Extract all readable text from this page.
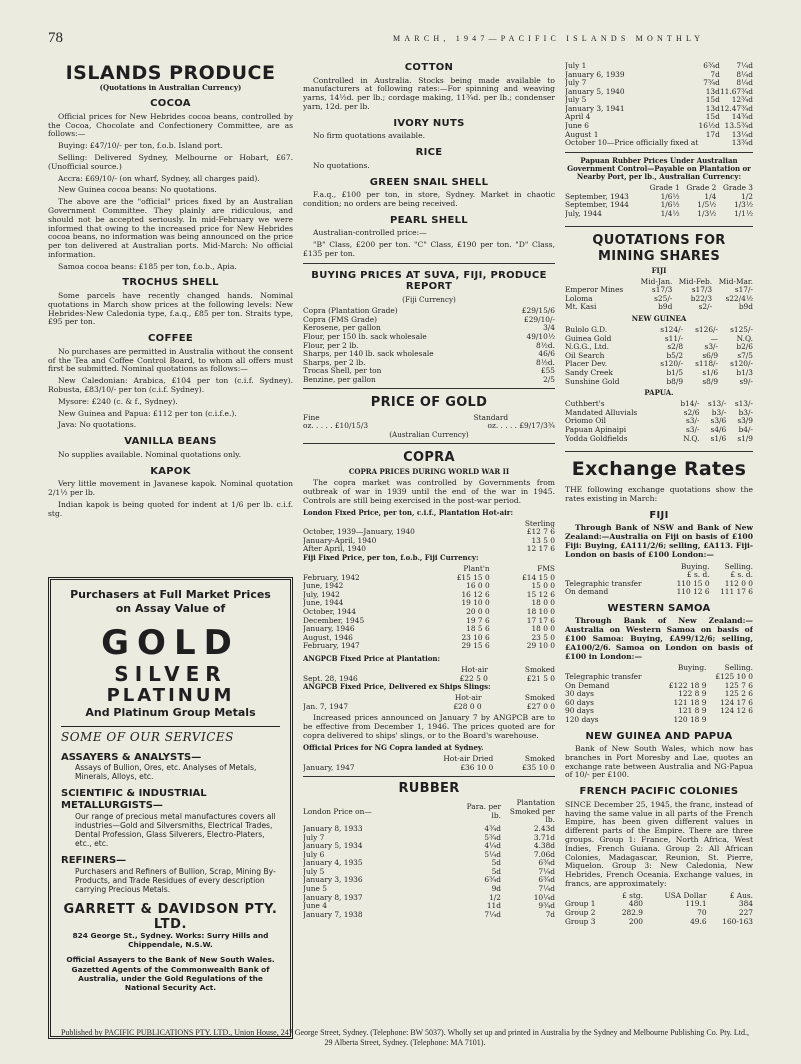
78	MARCH, 1947—PACIFIC ISLANDS MONTHLY
ISLANDS PRODUCE
(Quotations in Australian Currency)
COCOA

Official prices for New Hebrides cocoa beans, controlled by the Cocoa, Chocolate and Confectionery Committee, are as follows:—

Buying: £47/10/- per ton, f.o.b. Island port.

Selling: Delivered Sydney, Melbourne or Hobart, £67. (Unofficial source.)

Accra: £69/10/- (on wharf, Sydney, all charges paid).

New Guinea cocoa beans: No quotations.

The above are the "official" prices fixed by an Australian Government Committee. They plainly are ridiculous, and should not be accepted seriously. In mid-February we were informed that owing to the increased price for New Hebrides cocoa beans, no information was being announced on the price per ton delivered at Australian ports. Mid-March: No official information.

Samoa cocoa beans: £185 per ton, f.o.b., Apia.

TROCHUS SHELL

Some parcels have recently changed hands. Nominal quotations in March show prices at the following levels: New Hebrides-New Caledonia type, f.a.q., £85 per ton. Straits type, £95 per ton.

COFFEE

No purchases are permitted in Australia without the consent of the Tea and Coffee Control Board, to whom all offers must first be submitted. Nominal quotations as follows:—

New Caledonian: Arabica, £104 per ton (c.i.f. Sydney). Robusta, £83/10/- per ton (c.i.f. Sydney).

Mysore: £240 (c. & f., Sydney).

New Guinea and Papua: £112 per ton (c.i.f.e.).

Java: No quotations.

VANILLA BEANS

No supplies available. Nominal quotations only.

KAPOK

Very little movement in Javanese kapok. Nominal quotation 2/1½ per lb.

Indian kapok is being quoted for indent at 1/6 per lb. c.i.f. stg.

Purchasers at Full Market Prices on Assay Value of
GOLD
SILVER
PLATINUM
And Platinum Group Metals
SOME OF OUR SERVICES
ASSAYERS & ANALYSTS—
Assays of Bullion, Ores, etc. Analyses of Metals, Minerals, Alloys, etc.
SCIENTIFIC & INDUSTRIAL METALLURGISTS—
Our range of precious metal manufactures covers all industries—Gold and Silversmiths, Electrical Trades, Dental Profession, Glass Silverers, Electro-Platers, etc., etc.
REFINERS—
Purchasers and Refiners of Bullion, Scrap, Mining By-Products, and Trade Residues of every description carrying Precious Metals.
GARRETT & DAVIDSON PTY. LTD.
824 George St., Sydney. Works: Surry Hills and Chippendale, N.S.W.
Official Assayers to the Bank of New South Wales. Gazetted Agents of the Commonwealth Bank of Australia, under the Gold Regulations of the National Security Act.
COTTON

Controlled in Australia. Stocks being made available to manufacturers at following rates:—For spinning and weaving yarns, 14½d. per lb.; cordage making, 11¾d. per lb.; condenser yarn, 12d. per lb.

IVORY NUTS

No firm quotations available.

RICE

No quotations.

GREEN SNAIL SHELL

F.a.q., £100 per ton, in store, Sydney. Market in chaotic condition; no orders are being received.

PEARL SHELL

Australian-controlled price:—

"B" Class, £200 per ton. "C" Class, £190 per ton. "D" Class, £135 per ton.

BUYING PRICES AT SUVA, FIJI, PRODUCE REPORT
(Fiji Currency)
Copra (Plantation Grade)	£29/15/6
Copra (FMS Grade)	£29/10/-
Kerosene, per gallon	3/4
Flour, per 150 lb. sack wholesale	49/10½
Flour, per 2 lb.	8½d.
Sharps, per 140 lb. sack wholesale	46/6
Sharps, per 2 lb.	8½d.
Trocas Shell, per ton	£55
Benzine, per gallon	2/5
PRICE OF GOLD
Fine	Standard
oz. . . . . £10/15/3	oz. . . . . £9/17/3¾
(Australian Currency)
COPRA
COPRA PRICES DURING WORLD WAR II

The copra market was controlled by Governments from outbreak of war in 1939 until the end of the war in 1945. Controls are still being exercised in the post-war period.

London Fixed Price, per ton, c.i.f., Plantation Hot-air:
	Sterling
October, 1939—January, 1940	£12 7 6
January-April, 1940	13 5 0
After April, 1940	12 17 6
Fiji Fixed Price, per ton, f.o.b., Fiji Currency:
	Plant'n	FMS
February, 1942	£15 15 0	£14 15 0
June, 1942	16 0 0	15 0 0
July, 1942	16 12 6	15 12 6
June, 1944	19 10 0	18 0 0
October, 1944	20 0 0	18 10 0
December, 1945	19 7 6	17 17 6
January, 1946	18 5 6	18 0 0
August, 1946	23 10 6	23 5 0
February, 1947	29 15 6	29 10 0
ANGPCB Fixed Price at Plantation:
	Hot-air	Smoked
Sept. 28, 1946	£22 5 0	£21 5 0
ANGPCB Fixed Price, Delivered ex Ships Slings:
	Hot-air	Smoked
Jan. 7, 1947	£28 0 0	£27 0 0

Increased prices announced on January 7 by ANGPCB are to be effective from December 1, 1946. The prices quoted are for copra delivered to ships' slings, or to the Board's warehouse.

Official Prices for NG Copra landed at Sydney.
	Hot-air Dried	Smoked
January, 1947	£36 10 0	£35 10 0
RUBBER
London Price on—	Para. per lb.	Plantation Smoked per lb.
January 8, 1933	4¾d	2.43d
July 7	5¾d	3.71d
January 5, 1934	4¼d	4.38d
July 6	5¼d	7.06d
January 4, 1935	5d	6¾d
July 5	5d	7¼d
January 3, 1936	6¾d	6¾d
June 5	9d	7¼d
January 8, 1937	1/2	10¼d
June 4	11d	9¾d
January 7, 1938	7¼d	7d
July 1	6¾d	7¼d
January 6, 1939	7d	8¼d
July 7	7¾d	8¼d
January 5, 1940	13d	11.67¾d
July 5	15d	12¾d
January 3, 1941	13d	12.47¾d
April 4	15d	14¾d
June 6	16½d	13.5¾d
August 1	17d	13¼d
October 10—Price officially fixed at		13¾d
Papuan Rubber Prices Under Australian Government Control—Payable on Plantation or Nearby Port, per lb., Australian Currency:
	Grade 1	Grade 2	Grade 3
September, 1943	1/6½	1/4	1/2
September, 1944	1/6½	1/5½	1/3½
July, 1944	1/4½	1/3½	1/1½
QUOTATIONS FOR MINING SHARES
FIJI
	Mid-Jan.	Mid-Feb.	Mid-Mar.
Emperor Mines	s17/3	s17/3	s17/-
Loloma	s25/-	b22/3	s22/4½
Mt. Kasi	b9d	s2/-	b9d
NEW GUINEA
Bulolo G.D.	s124/-	s126/-	s125/-
Guinea Gold	s11/-	—	N.Q.
N.G.G., Ltd.	s2/8	s3/-	b2/6
Oil Search	b5/2	s6/9	s7/5
Placer Dev.	s120/-	s118/-	s120/-
Sandy Creek	b1/5	s1/6	b1/3
Sunshine Gold	b8/9	s8/9	s9/-
PAPUA.
Cuthbert's	b14/-	s13/-	s13/-
Mandated Alluvials	s2/6	b3/-	b3/-
Oriomo Oil	s3/-	s3/6	s3/9
Papuan Apinaipi	s3/-	s4/6	b4/-
Yodda Goldfields	N.Q.	s1/6	s1/9
Exchange Rates

THE following exchange quotations show the rates existing in March:

FIJI

Through Bank of NSW and Bank of New Zealand:—Australia on Fiji on basis of £100 Fiji: Buying, £A111/2/6; selling, £A113. Fiji-London on basis of £100 London:—

	Buying.	Selling.
	£ s. d.	£ s. d.
Telegraphic transfer	110 15 0	112 0 0
On demand	110 12 6	111 17 6
WESTERN SAMOA

Through Bank of New Zealand:—Australia on Western Samoa on basis of £100 Samoa: Buying, £A99/12/6; selling, £A100/2/6. Samoa on London on basis of £100 in London:—

	Buying.	Selling.
Telegraphic transfer		£125 10 0
On Demand	£122 18 9	125 7 6
30 days	122 8 9	125 2 6
60 days	121 18 9	124 17 6
90 days	121 8 9	124 12 6
120 days	120 18 9	
NEW GUINEA AND PAPUA

Bank of New South Wales, which now has branches in Port Moresby and Lae, quotes an exchange rate between Australia and NG-Papua of 10/- per £100.

FRENCH PACIFIC COLONIES

SINCE December 25, 1945, the franc, instead of having the same value in all parts of the French Empire, has been given different values in different parts of the Empire. There are three groups. Group 1: France, North Africa, West Indies, French Guiana. Group 2: All African Colonies, Madagascar, Reunion, St. Pierre, Miquelon. Group 3: New Caledonia, New Hebrides, French Oceania. Exchange values, in francs, are approximately:

	£ stg.	USA Dollar	£ Aus.
Group 1	480	119.1	384
Group 2	282.9	70	227
Group 3	200	49.6	160-163
Published by PACIFIC PUBLICATIONS PTY. LTD., Union House, 247 George Street, Sydney. (Telephone: BW 5037). Wholly set up and printed in Australia by the Sydney and Melbourne Publishing Co. Pty. Ltd., 29 Alberta Street, Sydney. (Telephone: MA 7101).
